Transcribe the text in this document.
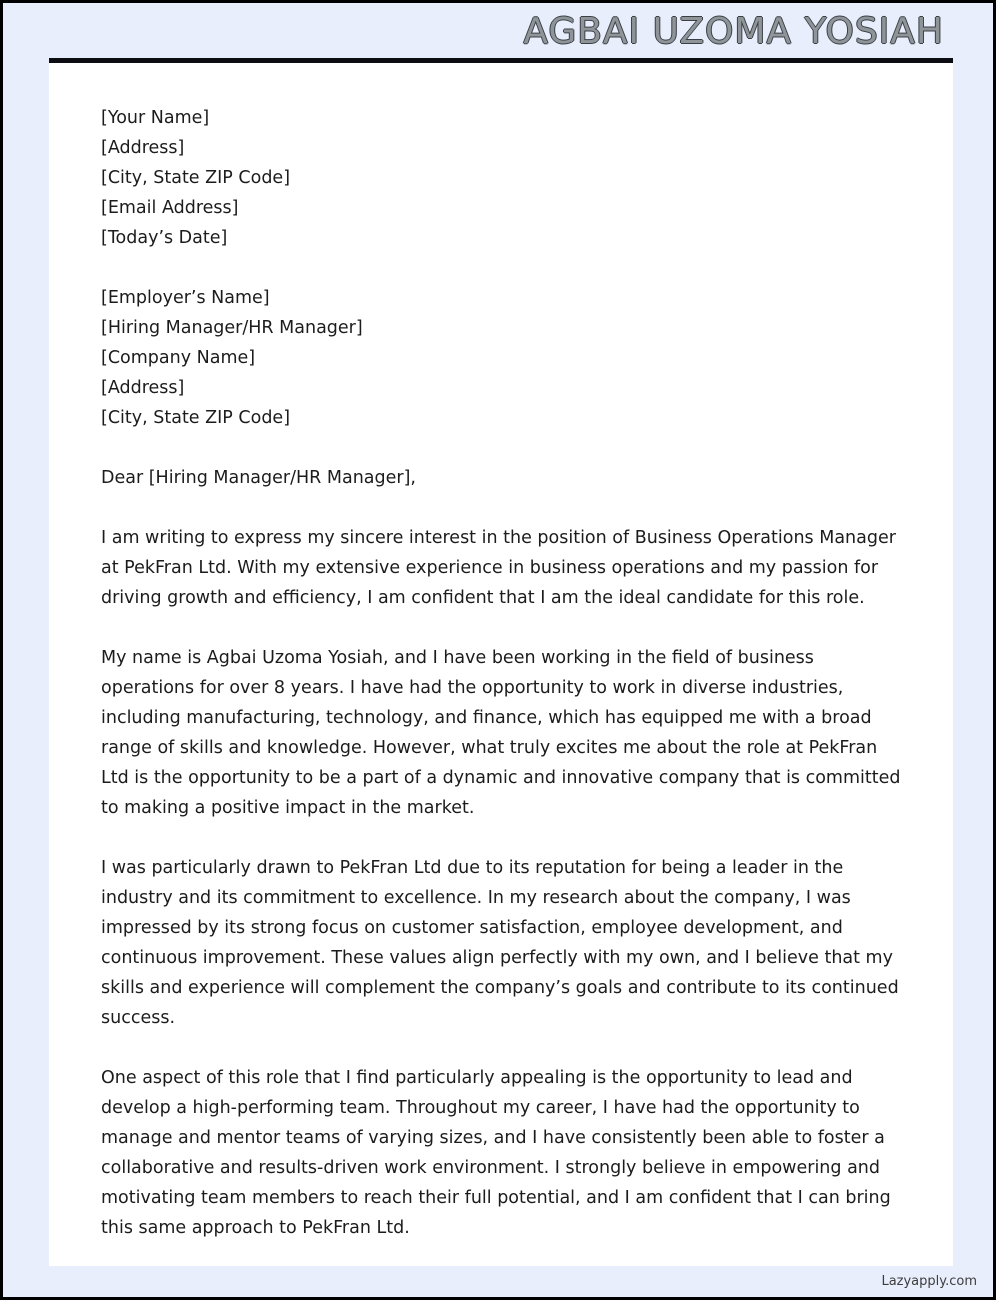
AGBAI UZOMA YOSIAH
[Your Name]
[Address]
[City, State ZIP Code]
[Email Address]
[Today’s Date]
[Employer’s Name]
[Hiring Manager/HR Manager]
[Company Name]
[Address]
[City, State ZIP Code]
Dear [Hiring Manager/HR Manager],
I am writing to express my sincere interest in the position of Business Operations Manager at PekFran Ltd. With my extensive experience in business operations and my passion for driving growth and efficiency, I am confident that I am the ideal candidate for this role.
My name is Agbai Uzoma Yosiah, and I have been working in the field of business operations for over 8 years. I have had the opportunity to work in diverse industries, including manufacturing, technology, and finance, which has equipped me with a broad range of skills and knowledge. However, what truly excites me about the role at PekFran Ltd is the opportunity to be a part of a dynamic and innovative company that is committed to making a positive impact in the market.
I was particularly drawn to PekFran Ltd due to its reputation for being a leader in the industry and its commitment to excellence. In my research about the company, I was impressed by its strong focus on customer satisfaction, employee development, and continuous improvement. These values align perfectly with my own, and I believe that my skills and experience will complement the company’s goals and contribute to its continued success.
One aspect of this role that I find particularly appealing is the opportunity to lead and develop a high-performing team. Throughout my career, I have had the opportunity to manage and mentor teams of varying sizes, and I have consistently been able to foster a collaborative and results-driven work environment. I strongly believe in empowering and motivating team members to reach their full potential, and I am confident that I can bring this same approach to PekFran Ltd.
Lazyapply.com
